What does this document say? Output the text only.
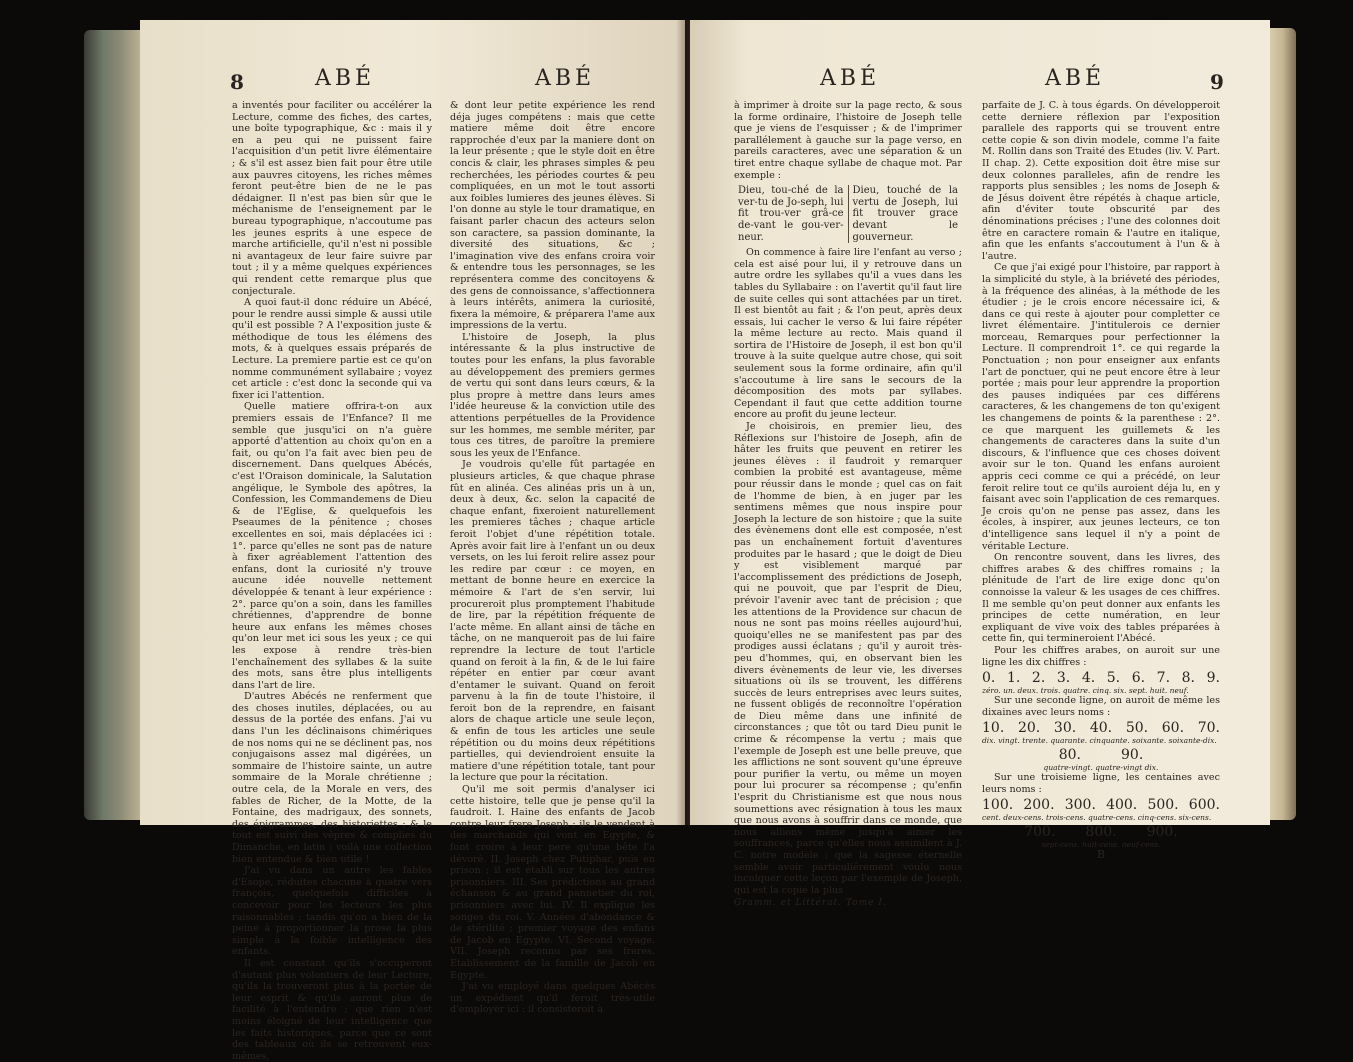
8	ABÉ	ABÉ

a inventés pour faciliter ou accélérer la Lecture, comme des fiches, des cartes, une boîte typographique, &c : mais il y en a peu qui ne puissent faire l'acquisition d'un petit livre élémentaire ; & s'il est assez bien fait pour être utile aux pauvres citoyens, les riches mêmes feront peut-être bien de ne le pas dédaigner. Il n'est pas bien sûr que le méchanisme de l'enseignement par le bureau typographique, n'accoutume pas les jeunes esprits à une espece de marche artificielle, qu'il n'est ni possible ni avantageux de leur faire suivre par tout ; il y a même quelques expériences qui rendent cette remarque plus que conjecturale.

A quoi faut-il donc réduire un Abécé, pour le rendre aussi simple & aussi utile qu'il est possible ? A l'exposition juste & méthodique de tous les élémens des mots, & à quelques essais préparés de Lecture. La premiere partie est ce qu'on nomme communément syllabaire ; voyez cet article : c'est donc la seconde qui va fixer ici l'attention.

Quelle matiere offrira-t-on aux premiers essais de l'Enfance? Il me semble que jusqu'ici on n'a guère apporté d'attention au choix qu'on en a fait, ou qu'on l'a fait avec bien peu de discernement. Dans quelques Abécés, c'est l'Oraison dominicale, la Salutation angélique, le Symbole des apôtres, la Confession, les Commandemens de Dieu & de l'Eglise, & quelquefois les Pseaumes de la pénitence ; choses excellentes en soi, mais déplacées ici : 1°. parce qu'elles ne sont pas de nature à fixer agréablement l'attention des enfans, dont la curiosité n'y trouve aucune idée nouvelle nettement développée & tenant à leur expérience : 2°. parce qu'on a soin, dans les familles chrétiennes, d'apprendre de bonne heure aux enfans les mêmes choses qu'on leur met ici sous les yeux ; ce qui les expose à rendre très-bien l'enchaînement des syllabes & la suite des mots, sans être plus intelligents dans l'art de lire.

D'autres Abécés ne renferment que des choses inutiles, déplacées, ou au dessus de la portée des enfans. J'ai vu dans l'un les déclinaisons chimériques de nos noms qui ne se déclinent pas, nos conjugaisons assez mal digérées, un sommaire de l'histoire sainte, un autre sommaire de la Morale chrétienne ; outre cela, de la Morale en vers, des fables de Richer, de la Motte, de la Fontaine, des madrigaux, des sonnets, des épigrammes, des historiettes ; & le tout est suivi des vêpres & complies du Dimanche, en latin : voilà une collection bien entendue & bien utile !

J'ai vu dans un autre les fables d'Esope, réduites chacune à quatre vers françois, quelquefois difficiles à concevoir pour les lecteurs les plus raisonnables ; tandis qu'on a bien de la peine à proportionner la prose la plus simple à la foible intelligence des enfants.

Il est constant qu'ils s'occuperont d'autant plus volontiers de leur Lecture, qu'ils la trouveront plus à la portée de leur esprit & qu'ils auront plus de facilité à l'entendre ; que rien n'est moins éloigné de leur intelligence que les faits historiques, parce que ce sont des tableaux où ils se retrouvent eux-mêmes,

& dont leur petite expérience les rend déja juges compétens : mais que cette matiere même doit être encore rapprochée d'eux par la maniere dont on la leur présente ; que le style doit en être concis & clair, les phrases simples & peu recherchées, les périodes courtes & peu compliquées, en un mot le tout assorti aux foibles lumieres des jeunes élèves. Si l'on donne au style le tour dramatique, en faisant parler chacun des acteurs selon son caractere, sa passion dominante, la diversité des situations, &c ; l'imagination vive des enfans croira voir & entendre tous les personnages, se les représentera comme des concitoyens & des gens de connoissance, s'affectionnera à leurs intérêts, animera la curiosité, fixera la mémoire, & préparera l'ame aux impressions de la vertu.

L'histoire de Joseph, la plus intéressante & la plus instructive de toutes pour les enfans, la plus favorable au développement des premiers germes de vertu qui sont dans leurs cœurs, & la plus propre à mettre dans leurs ames l'idée heureuse & la conviction utile des attentions perpétuelles de la Providence sur les hommes, me semble mériter, par tous ces titres, de paroître la premiere sous les yeux de l'Enfance.

Je voudrois qu'elle fût partagée en plusieurs articles, & que chaque phrase fût en alinéa. Ces alinéas pris un à un, deux à deux, &c. selon la capacité de chaque enfant, fixeroient naturellement les premieres tâches ; chaque article feroit l'objet d'une répétition totale. Après avoir fait lire à l'enfant un ou deux versets, on les lui feroit relire assez pour les redire par cœur : ce moyen, en mettant de bonne heure en exercice la mémoire & l'art de s'en servir, lui procureroit plus promptement l'habitude de lire, par la répétition fréquente de l'acte même. En allant ainsi de tâche en tâche, on ne manqueroit pas de lui faire reprendre la lecture de tout l'article quand on feroit à la fin, & de le lui faire répéter en entier par cœur avant d'entamer le suivant. Quand on feroit parvenu à la fin de toute l'histoire, il feroit bon de la reprendre, en faisant alors de chaque article une seule leçon, & enfin de tous les articles une seule répétition ou du moins deux répétitions partielles, qui deviendroient ensuite la matiere d'une répétition totale, tant pour la lecture que pour la récitation.

Qu'il me soit permis d'analyser ici cette histoire, telle que je pense qu'il la faudroit. I. Haine des enfants de Jacob contre leur frere Joseph ; ils le vendent à des marchands qui vont en Egypte, & font croire à leur pere qu'une bête l'a dévoré. II. Joseph chez Putiphar, puis en prison ; il est établi sur tous les autres prisonniers. III. Ses prédictions au grand échanson & au grand pannetier du roi, prisonniers avec lui. IV. Il explique les songes du roi. V. Années d'abondance & de stérilité ; premier voyage des enfans de Jacob en Egypte. VI. Second voyage. VII. Joseph reconnu par ses freres. Etablissement de la famille de Jacob en Egypte.

J'ai vu employé dans quelques Abécés un expédient qu'il feroit très-utile d'employer ici : il consisteroit à

ABÉ	ABÉ	9

à imprimer à droite sur la page recto, & sous la forme ordinaire, l'histoire de Joseph telle que je viens de l'esquisser ; & de l'imprimer parallélement à gauche sur la page verso, en pareils caracteres, avec une séparation & un tiret entre chaque syllabe de chaque mot. Par exemple :

Dieu, tou-ché de la ver-tu de Jo-seph, lui fit trou-ver grâ-ce de-vant le gou-ver-neur.
Dieu, touché de la vertu de Joseph, lui fit trouver grace devant le gouverneur.

On commence à faire lire l'enfant au verso ; cela est aisé pour lui, il y retrouve dans un autre ordre les syllabes qu'il a vues dans les tables du Syllabaire : on l'avertit qu'il faut lire de suite celles qui sont attachées par un tiret. Il est bientôt au fait ; & l'on peut, après deux essais, lui cacher le verso & lui faire répéter la même lecture au recto. Mais quand il sortira de l'Histoire de Joseph, il est bon qu'il trouve à la suite quelque autre chose, qui soit seulement sous la forme ordinaire, afin qu'il s'accoutume à lire sans le secours de la décomposition des mots par syllabes. Cependant il faut que cette addition tourne encore au profit du jeune lecteur.

Je choisirois, en premier lieu, des Réflexions sur l'histoire de Joseph, afin de hâter les fruits que peuvent en retirer les jeunes élèves : il faudroit y remarquer combien la probité est avantageuse, même pour réussir dans le monde ; quel cas on fait de l'homme de bien, à en juger par les sentimens mêmes que nous inspire pour Joseph la lecture de son histoire ; que la suite des évènemens dont elle est composée, n'est pas un enchaînement fortuit d'aventures produites par le hasard ; que le doigt de Dieu y est visiblement marqué par l'accomplissement des prédictions de Joseph, qui ne pouvoit, que par l'esprit de Dieu, prévoir l'avenir avec tant de précision ; que les attentions de la Providence sur chacun de nous ne sont pas moins réelles aujourd'hui, quoiqu'elles ne se manifestent pas par des prodiges aussi éclatans ; qu'il y auroit très-peu d'hommes, qui, en observant bien les divers évènements de leur vie, les diverses situations où ils se trouvent, les différens succès de leurs entreprises avec leurs suites, ne fussent obligés de reconnoître l'opération de Dieu même dans une infinité de circonstances ; que tôt ou tard Dieu punit le crime & récompense la vertu ; mais que l'exemple de Joseph est une belle preuve, que les afflictions ne sont souvent qu'une épreuve pour purifier la vertu, ou même un moyen pour lui procurer sa récompense ; qu'enfin l'esprit du Christianisme est que nous nous soumettions avec résignation à tous les maux que nous avons à souffrir dans ce monde, que nous allions même jusqu'à aimer les souffrances, parce qu'elles nous assimilent à J. C. notre modèle ; que la sagesse éternelle semble avoir particuliérement voulu nous inculquer cette leçon par l'exemple de Joseph, qui est la copie la plus

Gramm. et Littérat. Tome I.

parfaite de J. C. à tous égards. On développeroit cette derniere réflexion par l'exposition parallele des rapports qui se trouvent entre cette copie & son divin modele, comme l'a faite M. Rollin dans son Traité des Etudes (liv. V. Part. II chap. 2). Cette exposition doit être mise sur deux colonnes paralleles, afin de rendre les rapports plus sensibles ; les noms de Joseph & de Jésus doivent être répétés à chaque article, afin d'éviter toute obscurité par des dénominations précises ; l'une des colonnes doit être en caractere romain & l'autre en italique, afin que les enfants s'accoutument à l'un & à l'autre.

Ce que j'ai exigé pour l'histoire, par rapport à la simplicité du style, à la briéveté des périodes, à la fréquence des alinéas, à la méthode de les étudier ; je le crois encore nécessaire ici, & dans ce qui reste à ajouter pour completter ce livret élémentaire. J'intitulerois ce dernier morceau, Remarques pour perfectionner la Lecture. Il comprendroit 1°. ce qui regarde la Ponctuation ; non pour enseigner aux enfants l'art de ponctuer, qui ne peut encore être à leur portée ; mais pour leur apprendre la proportion des pauses indiquées par ces différens caracteres, & les changemens de ton qu'exigent les changemens de points & la parenthese : 2°. ce que marquent les guillemets & les changements de caracteres dans la suite d'un discours, & l'influence que ces choses doivent avoir sur le ton. Quand les enfans auroient appris ceci comme ce qui a précédé, on leur feroit relire tout ce qu'ils auroient déja lu, en y faisant avec soin l'application de ces remarques. Je crois qu'on ne pense pas assez, dans les écoles, à inspirer, aux jeunes lecteurs, ce ton d'intelligence sans lequel il n'y a point de véritable Lecture.

On rencontre souvent, dans les livres, des chiffres arabes & des chiffres romains ; la plénitude de l'art de lire exige donc qu'on connoisse la valeur & les usages de ces chiffres. Il me semble qu'on peut donner aux enfants les principes de cette numération, en leur expliquant de vive voix des tables préparées à cette fin, qui termineroient l'Abécé.

Pour les chiffres arabes, on auroit sur une ligne les dix chiffres :

0. 1. 2. 3. 4. 5. 6. 7. 8. 9.
zéro. un. deux. trois. quatre. cinq. six. sept. huit. neuf.

Sur une seconde ligne, on auroit de même les dixaines avec leurs noms :

10. 20. 30. 40. 50. 60. 70.
dix. vingt. trente. quarante. cinquante. soixante. soixante-dix.
80.	90.
quatre-vingt. quatre-vingt dix.

Sur une troisieme ligne, les centaines avec leurs noms :

100. 200. 300. 400. 500. 600.
cent. deux-cens. trois-cens. quatre-cens. cinq-cens. six-cens.
700. 800. 900.
sept-cens. huit-cens. neuf-cens.
B
